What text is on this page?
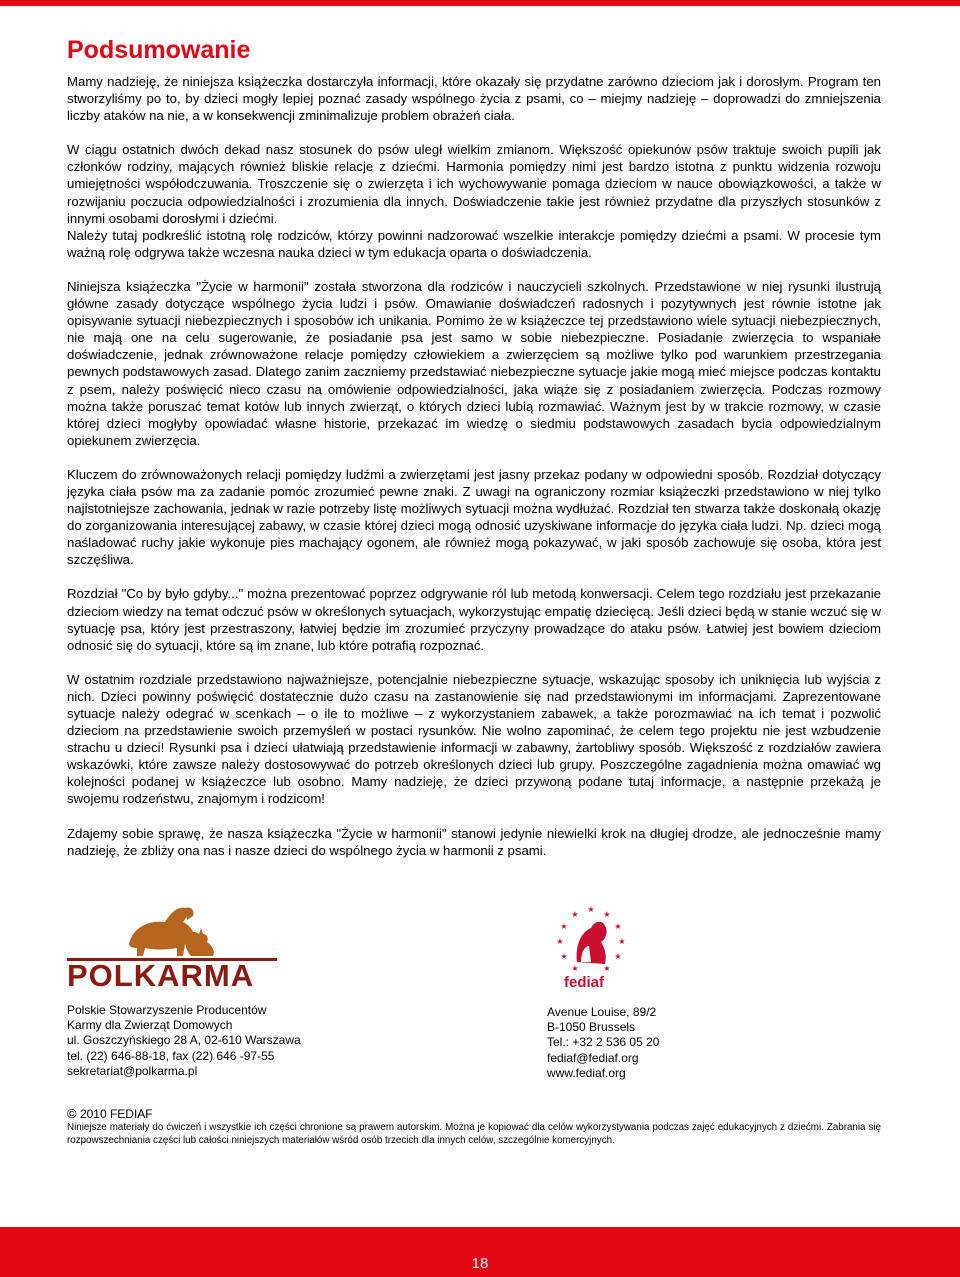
Podsumowanie

Mamy nadzieję, że niniejsza książeczka dostarczyła informacji, które okazały się przydatne zarówno dzieciom jak i dorosłym. Program ten stworzyliśmy po to, by dzieci mogły lepiej poznać zasady wspólnego życia z psami, co – miejmy nadzieję – doprowadzi do zmniejszenia liczby ataków na nie, a w konsekwencji zminimalizuje problem obrażeń ciała.

W ciągu ostatnich dwóch dekad nasz stosunek do psów uległ wielkim zmianom. Większość opiekunów psów traktuje swoich pupili jak członków rodziny, mających również bliskie relacje z dziećmi. Harmonia pomiędzy nimi jest bardzo istotna z punktu widzenia rozwoju umiejętności współodczuwania. Troszczenie się o zwierzęta i ich wychowywanie pomaga dzieciom w nauce obowiązkowości, a także w rozwijaniu poczucia odpowiedzialności i zrozumienia dla innych. Doświadczenie takie jest również przydatne dla przyszłych stosunków z innymi osobami dorosłymi i dziećmi.

Należy tutaj podkreślić istotną rolę rodziców, którzy powinni nadzorować wszelkie interakcje pomiędzy dziećmi a psami. W procesie tym ważną rolę odgrywa także wczesna nauka dzieci w tym edukacja oparta o doświadczenia.

Niniejsza książeczka "Życie w harmonii" została stworzona dla rodziców i nauczycieli szkolnych. Przedstawione w niej rysunki ilustrują główne zasady dotyczące wspólnego życia ludzi i psów. Omawianie doświadczeń radosnych i pozytywnych jest równie istotne jak opisywanie sytuacji niebezpiecznych i sposobów ich unikania. Pomimo że w książeczce tej przedstawiono wiele sytuacji niebezpiecznych, nie mają one na celu sugerowanie, że posiadanie psa jest samo w sobie niebezpieczne. Posiadanie zwierzęcia to wspaniałe doświadczenie, jednak zrównoważone relacje pomiędzy człowiekiem a zwierzęciem są możliwe tylko pod warunkiem przestrzegania pewnych podstawowych zasad. Dlatego zanim zaczniemy przedstawiać niebezpieczne sytuacje jakie mogą mieć miejsce podczas kontaktu z psem, należy poświęcić nieco czasu na omówienie odpowiedzialności, jaka wiąże się z posiadaniem zwierzęcia. Podczas rozmowy można także poruszać temat kotów lub innych zwierząt, o których dzieci lubią rozmawiać. Ważnym jest by w trakcie rozmowy, w czasie której dzieci mogłyby opowiadać własne historie, przekazać im wiedzę o siedmiu podstawowych zasadach bycia odpowiedzialnym opiekunem zwierzęcia.

Kluczem do zrównoważonych relacji pomiędzy ludźmi a zwierzętami jest jasny przekaz podany w odpowiedni sposób. Rozdział dotyczący języka ciała psów ma za zadanie pomóc zrozumieć pewne znaki. Z uwagi na ograniczony rozmiar książeczki przedstawiono w niej tylko najistotniejsze zachowania, jednak w razie potrzeby listę możliwych sytuacji można wydłużać. Rozdział ten stwarza także doskonałą okazję do zorganizowania interesującej zabawy, w czasie której dzieci mogą odnosić uzyskiwane informacje do języka ciała ludzi. Np. dzieci mogą naśladować ruchy jakie wykonuje pies machający ogonem, ale również mogą pokazywać, w jaki sposób zachowuje się osoba, która jest szczęśliwa.

Rozdział "Co by było gdyby..." można prezentować poprzez odgrywanie ról lub metodą konwersacji. Celem tego rozdziału jest przekazanie dzieciom wiedzy na temat odczuć psów w określonych sytuacjach, wykorzystując empatię dziecięcą. Jeśli dzieci będą w stanie wczuć się w sytuację psa, który jest przestraszony, łatwiej będzie im zrozumieć przyczyny prowadzące do ataku psów. Łatwiej jest bowiem dzieciom odnosić się do sytuacji, które są im znane, lub które potrafią rozpoznać.

W ostatnim rozdziale przedstawiono najważniejsze, potencjalnie niebezpieczne sytuacje, wskazując sposoby ich uniknięcia lub wyjścia z nich. Dzieci powinny poświęcić dostatecznie dużo czasu na zastanowienie się nad przedstawionymi im informacjami. Zaprezentowane sytuacje należy odegrać w scenkach – o ile to możliwe – z wykorzystaniem zabawek, a także porozmawiać na ich temat i pozwolić dzieciom na przedstawienie swoich przemyśleń w postaci rysunków. Nie wolno zapominać, że celem tego projektu nie jest wzbudzenie strachu u dzieci! Rysunki psa i dzieci ułatwiają przedstawienie informacji w zabawny, żartobliwy sposób. Większość z rozdziałów zawiera wskazówki, które zawsze należy dostosowywać do potrzeb określonych dzieci lub grupy. Poszczególne zagadnienia można omawiać wg kolejności podanej w książeczce lub osobno. Mamy nadzieję, że dzieci przywoną podane tutaj informacje, a następnie przekażą je swojemu rodzeństwu, znajomym i rodzicom!

Zdajemy sobie sprawę, że nasza książeczka "Życie w harmonii" stanowi jedynie niewielki krok na długiej drodze, ale jednocześnie mamy nadzieję, że zbliży ona nas i nasze dzieci do wspólnego życia w harmonii z psami.

POLKARMA
★
★
★
★
★
★
★
★
★
★
★
fediaf
Polskie Stowarzyszenie Producentów
Karmy dla Zwierząt Domowych
ul. Goszczyńskiego 28 A, 02-610 Warszawa
tel. (22) 646-88-18, fax (22) 646 -97-55
sekretariat@polkarma.pl
Avenue Louise, 89/2
B-1050 Brussels
Tel.: +32 2 536 05 20
fediaf@fediaf.org
www.fediaf.org
© 2010 FEDIAF

Niniejsze materiały do ćwiczeń i wszystkie ich części chronione są prawem autorskim. Można je kopiować dla celów wykorzystywania podczas zajęć edukacyjnych z dziećmi. Zabrania się rozpowszechniania części lub całości niniejszych materiałów wśród osób trzecich dla innych celów, szczególnie komercyjnych.

18
